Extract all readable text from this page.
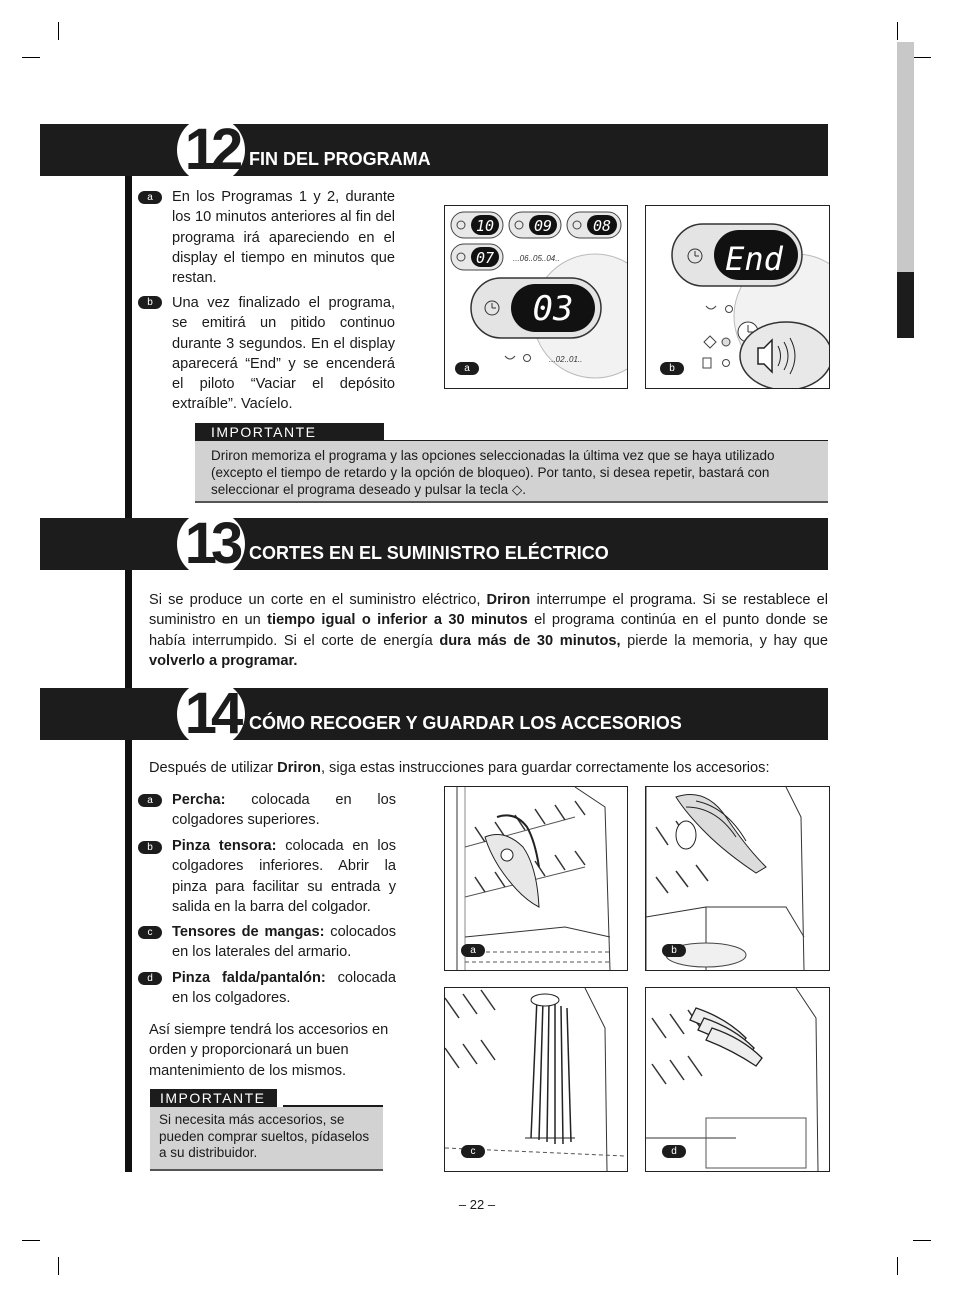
12 FIN DEL PROGRAMA
a	En los Programas 1 y 2, durante los 10 minutos anteriores al fin del programa irá apareciendo en el display el tiempo en minutos que restan.
b	Una vez finalizado el programa, se emitirá un pitido continuo durante 3 segundos. En el display aparecerá “End” y se encenderá el piloto “Vaciar el depósito extraíble”. Vacíelo.
10	09	08
07 ...06..05..04..
03
...02..01..
a
End
b
IMPORTANTE
Driron memoriza el programa y las opciones seleccionadas la última vez que se haya utilizado (excepto el tiempo de retardo y la opción de bloqueo). Por tanto, si desea repetir, bastará con seleccionar el programa deseado y pulsar la tecla ◇.
13 CORTES EN EL SUMINISTRO ELÉCTRICO
Si se produce un corte en el suministro eléctrico, Driron interrumpe el programa. Si se restablece el suministro en un tiempo igual o inferior a 30 minutos el programa continúa en el punto donde se había interrumpido. Si el corte de energía dura más de 30 minutos, pierde la memoria, y hay que volverlo a programar.
14 CÓMO RECOGER Y GUARDAR LOS ACCESORIOS
Después de utilizar Driron, siga estas instrucciones para guardar correctamente los accesorios:
a	Percha: colocada en los colgadores superiores.
b	Pinza tensora: colocada en los colgadores inferiores. Abrir la pinza para facilitar su entrada y salida en la barra del colgador.
c	Tensores de mangas: colocados en los laterales del armario.
d	Pinza falda/pantalón: colocada en los colgadores.
Así siempre tendrá los accesorios en orden y proporcionará un buen mantenimiento de los mismos.
IMPORTANTE
Si necesita más accesorios, se pueden comprar sueltos, pídaselos a su distribuidor.
a	b
c	d
– 22 –
